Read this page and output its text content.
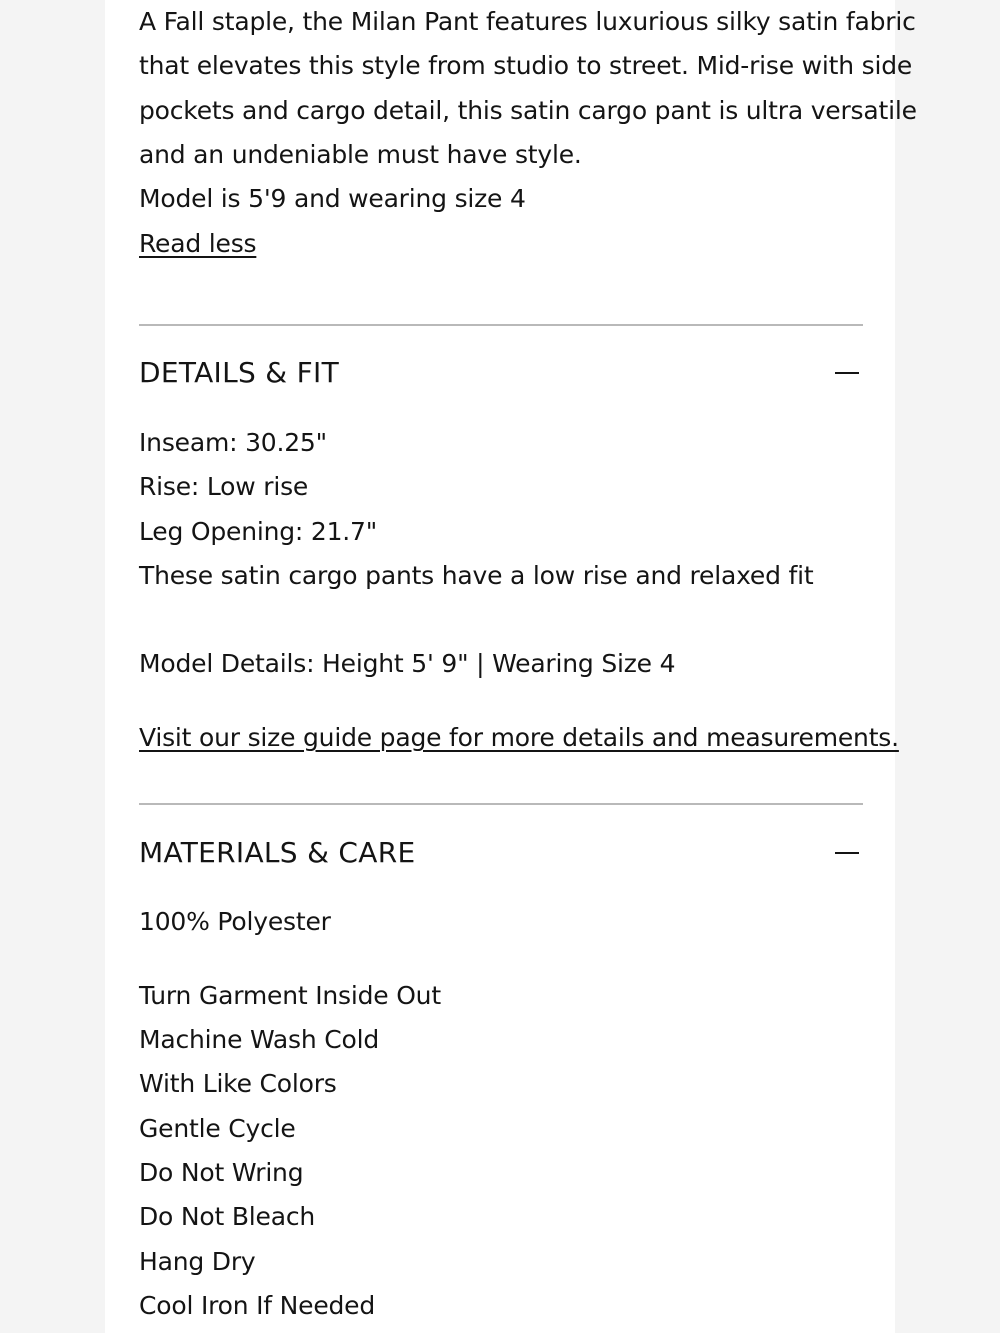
A Fall staple, the Milan Pant features luxurious silky satin fabric
that elevates this style from studio to street. Mid-rise with side
pockets and cargo detail, this satin cargo pant is ultra versatile
and an undeniable must have style.
Model is 5'9 and wearing size 4
Read less
DETAILS & FIT
Inseam: 30.25"
Rise: Low rise
Leg Opening: 21.7"
These satin cargo pants have a low rise and relaxed fit
Model Details: Height 5' 9" | Wearing Size 4
Visit our size guide page for more details and measurements.
MATERIALS & CARE
100% Polyester
Turn Garment Inside Out
Machine Wash Cold
With Like Colors
Gentle Cycle
Do Not Wring
Do Not Bleach
Hang Dry
Cool Iron If Needed
